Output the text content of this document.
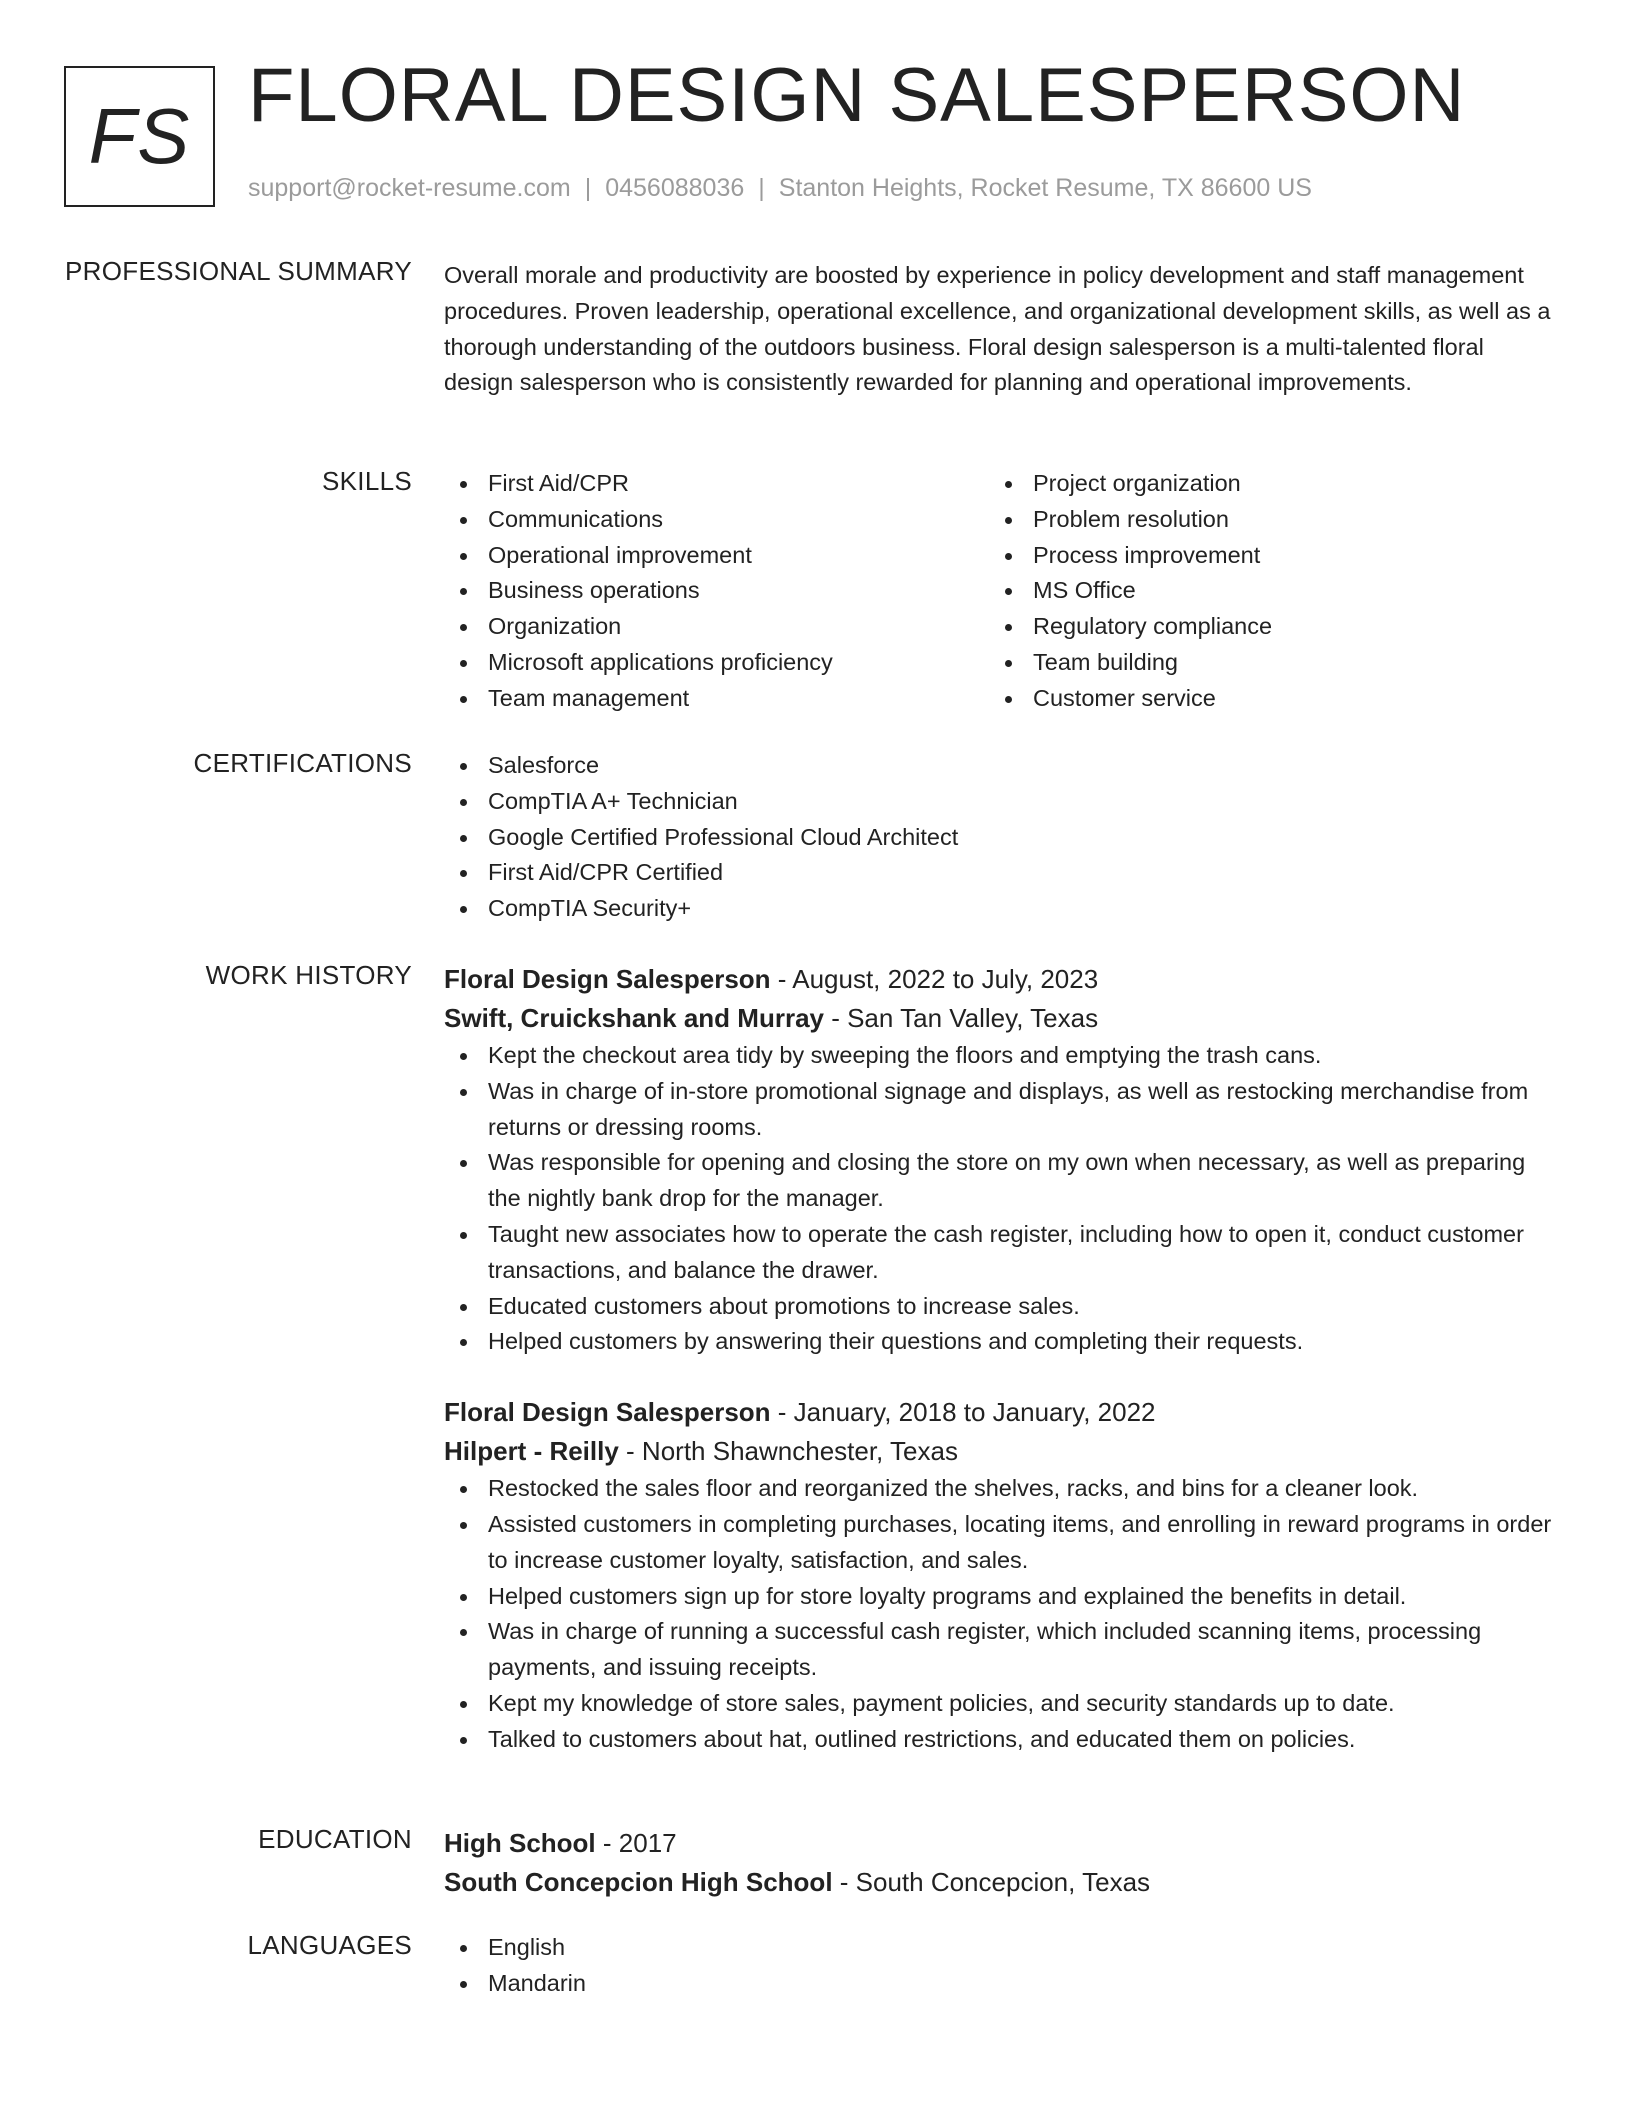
FS FLORAL DESIGN SALESPERSON
support@rocket-resume.com | 0456088036 | Stanton Heights, Rocket Resume, TX 86600 US
PROFESSIONAL SUMMARY Overall morale and productivity are boosted by experience in policy development and staff management procedures. Proven leadership, operational excellence, and organizational development skills, as well as a thorough understanding of the outdoors business. Floral design salesperson is a multi-talented floral design salesperson who is consistently rewarded for planning and operational improvements.

SKILLS	First Aid/CPR
Communications
Operational improvement
Business operations
Organization
Microsoft applications proficiency
Team management
Project organization
Problem resolution
Process improvement
MS Office
Regulatory compliance
Team building
Customer service
CERTIFICATIONS	Salesforce
CompTIA A+ Technician
Google Certified Professional Cloud Architect
First Aid/CPR Certified
CompTIA Security+
WORK HISTORY Floral Design Salesperson - August, 2022 to July, 2023
Swift, Cruickshank and Murray - San Tan Valley, Texas
Kept the checkout area tidy by sweeping the floors and emptying the trash cans.
Was in charge of in-store promotional signage and displays, as well as restocking merchandise from returns or dressing rooms.
Was responsible for opening and closing the store on my own when necessary, as well as preparing the nightly bank drop for the manager.
Taught new associates how to operate the cash register, including how to open it, conduct customer transactions, and balance the drawer.
Educated customers about promotions to increase sales.
Helped customers by answering their questions and completing their requests.
Floral Design Salesperson - January, 2018 to January, 2022
Hilpert - Reilly - North Shawnchester, Texas
Restocked the sales floor and reorganized the shelves, racks, and bins for a cleaner look.
Assisted customers in completing purchases, locating items, and enrolling in reward programs in order to increase customer loyalty, satisfaction, and sales.
Helped customers sign up for store loyalty programs and explained the benefits in detail.
Was in charge of running a successful cash register, which included scanning items, processing payments, and issuing receipts.
Kept my knowledge of store sales, payment policies, and security standards up to date.
Talked to customers about hat, outlined restrictions, and educated them on policies.
EDUCATION High School - 2017
South Concepcion High School - South Concepcion, Texas
LANGUAGES	English
Mandarin
